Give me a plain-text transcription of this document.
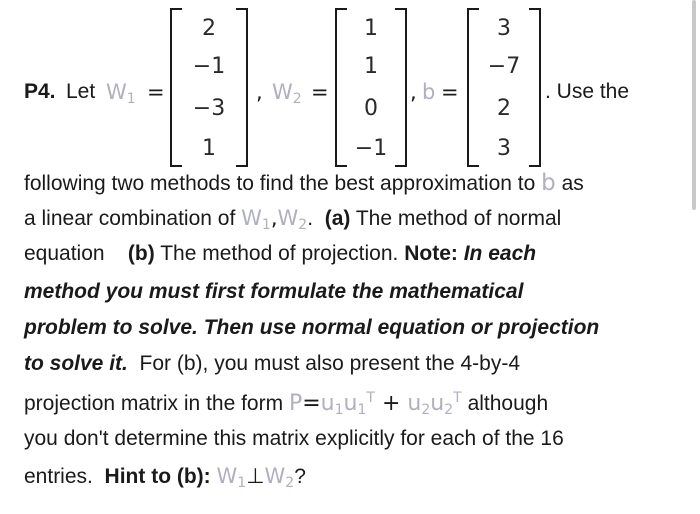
P4. Let $W_1$ =
2
−1
−3
1
, $W_2$ =
1
1
0
−1
, b =
3
−7
2
3
. Use the
following two methods to find the best approximation to b as
a linear combination of $W_1,W_2$. (a) The method of normal
equation (b) The method of projection. Note: In each
method you must first formulate the mathematical
problem to solve. Then use normal equation or projection
to solve it. For (b), you must also present the 4-by-4
projection matrix in the form $P=u_1u_1^T + u_2u_2^T$ although
you don't determine this matrix explicitly for each of the 16
entries. Hint to (b): $W_1\perp W_2$?
